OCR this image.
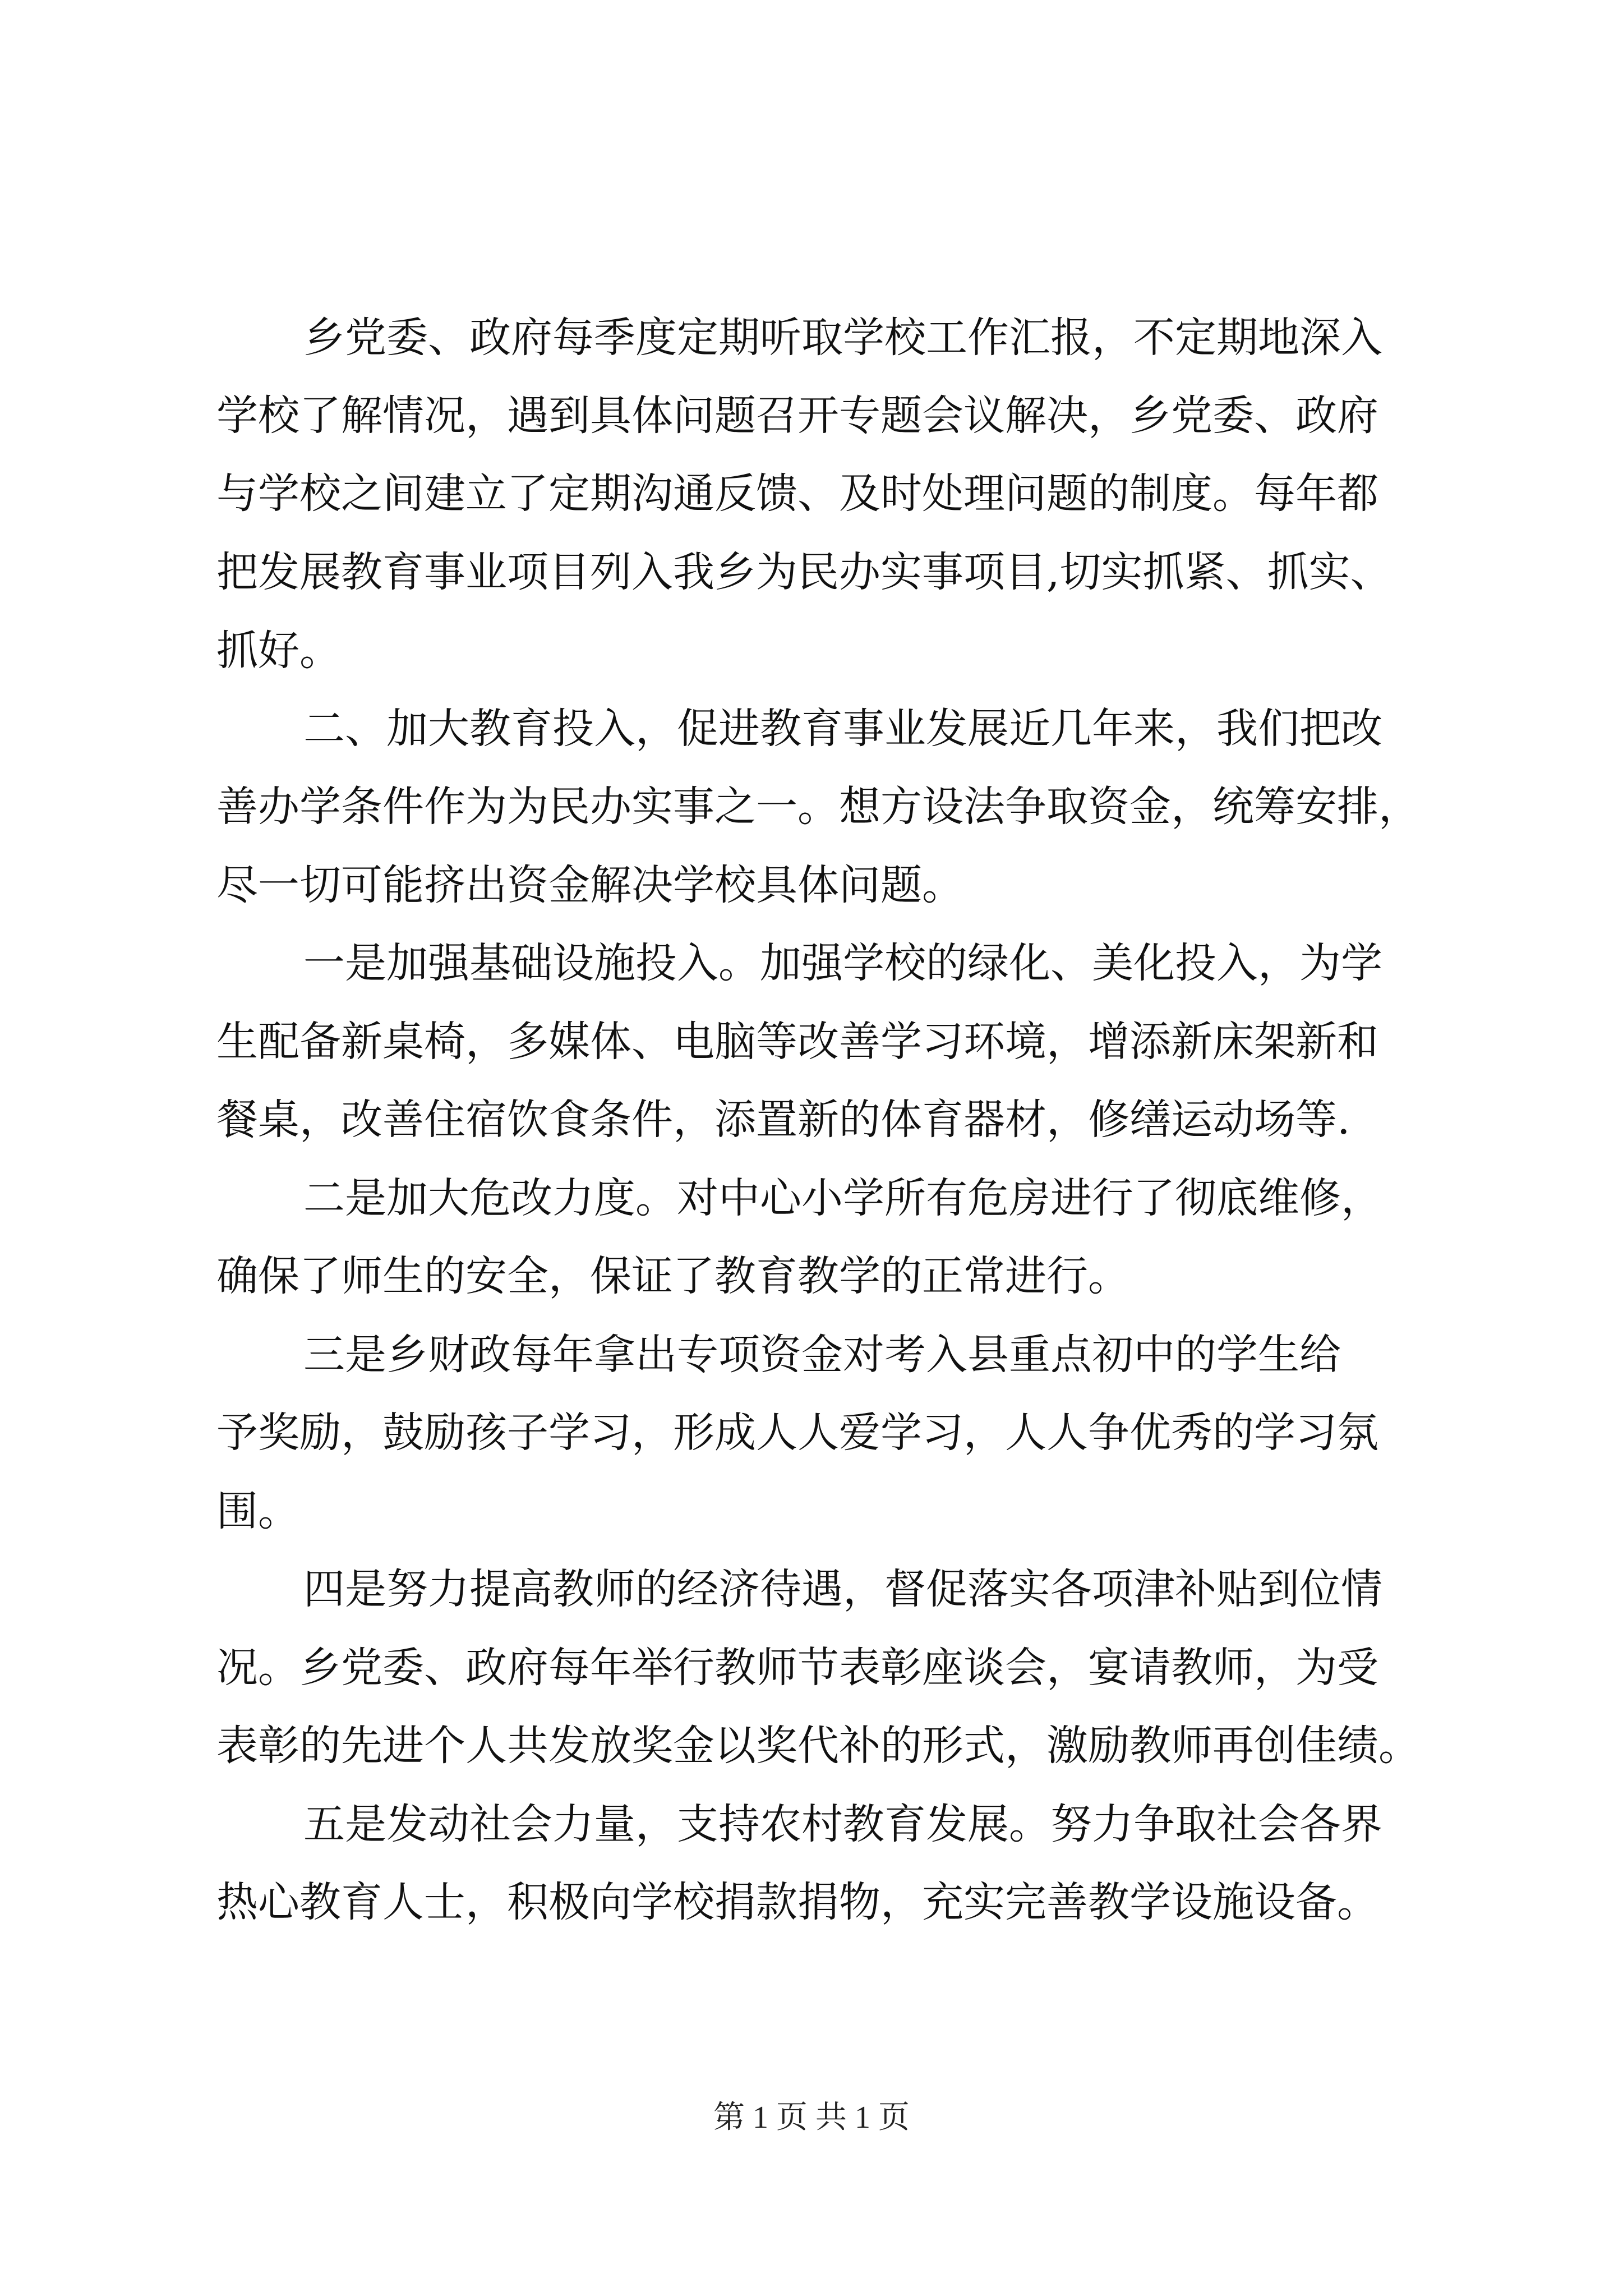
乡党委、政府每季度定期听取学校工作汇报，不定期地深入
学校了解情况，遇到具体问题召开专题会议解决，乡党委、政府
与学校之间建立了定期沟通反馈、及时处理问题的制度。每年都
把发展教育事业项目列入我乡为民办实事项目,切实抓紧、抓实、
抓好。
二、加大教育投入，促进教育事业发展近几年来，我们把改
善办学条件作为为民办实事之一。想方设法争取资金，统筹安排，
尽一切可能挤出资金解决学校具体问题。
一是加强基础设施投入。加强学校的绿化、美化投入，为学
生配备新桌椅，多媒体、电脑等改善学习环境，增添新床架新和
餐桌，改善住宿饮食条件，添置新的体育器材，修缮运动场等.
二是加大危改力度。对中心小学所有危房进行了彻底维修，
确保了师生的安全，保证了教育教学的正常进行。
三是乡财政每年拿出专项资金对考入县重点初中的学生给
予奖励，鼓励孩子学习，形成人人爱学习，人人争优秀的学习氛
围。
四是努力提高教师的经济待遇，督促落实各项津补贴到位情
况。乡党委、政府每年举行教师节表彰座谈会，宴请教师，为受
表彰的先进个人共发放奖金以奖代补的形式，激励教师再创佳绩。
五是发动社会力量，支持农村教育发展。努力争取社会各界
热心教育人士，积极向学校捐款捐物，充实完善教学设施设备。
第 1 页 共 1 页
